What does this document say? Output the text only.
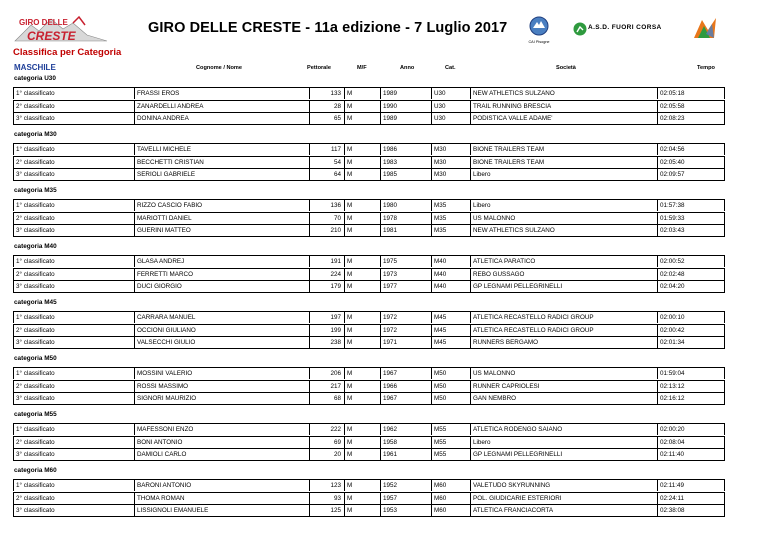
GIRO DELLE
CRESTE	GIRO DELLE CRESTE - 11a edizione - 7 Luglio 2017
CAI Pisogne
A.S.D. FUORI CORSA
Classifica per Categoria
MASCHILE	Cognome / Nome	Pettorale	M/F	Anno	Cat.	Società	Tempo
categoria U30
1° classificato	FRASSI EROS	133 M	1989	U30	NEW ATHLETICS SULZANO	02:05:18
2° classificato	ZANARDELLI ANDREA	28 M	1990	U30	TRAIL RUNNING BRESCIA	02:05:58
3° classificato	DONINA ANDREA	65 M	1989	U30	PODISTICA VALLE ADAME'	02:08:23
categoria M30
1° classificato	TAVELLI MICHELE	117 M	1986	M30	BIONE TRAILERS TEAM	02:04:56
2° classificato	BECCHETTI CRISTIAN	54 M	1983	M30	BIONE TRAILERS TEAM	02:05:40
3° classificato	SERIOLI GABRIELE	64 M	1985	M30	Libero	02:09:57
categoria M35
1° classificato	RIZZO CASCIO FABIO	136 M	1980	M35	Libero	01:57:38
2° classificato	MARIOTTI DANIEL	70 M	1978	M35	US MALONNO	01:59:33
3° classificato	GUERINI MATTEO	210 M	1981	M35	NEW ATHLETICS SULZANO	02:03:43
categoria M40
1° classificato	GLASA ANDREJ	191 M	1975	M40	ATLETICA PARATICO	02:00:52
2° classificato	FERRETTI MARCO	224 M	1973	M40	REBO GUSSAGO	02:02:48
3° classificato	DUCI GIORGIO	179 M	1977	M40	GP LEGNAMI PELLEGRINELLI	02:04:20
categoria M45
1° classificato	CARRARA MANUEL	197 M	1972	M45	ATLETICA RECASTELLO RADICI GROUP	02:00:10
2° classificato	OCCIONI GIULIANO	199 M	1972	M45	ATLETICA RECASTELLO RADICI GROUP	02:00:42
3° classificato	VALSECCHI GIULIO	238 M	1971	M45	RUNNERS BERGAMO	02:01:34
categoria M50
1° classificato	MOSSINI VALERIO	206 M	1967	M50	US MALONNO	01:59:04
2° classificato	ROSSI MASSIMO	217 M	1966	M50	RUNNER CAPRIOLESI	02:13:12
3° classificato	SIGNORI MAURIZIO	68 M	1967	M50	GAN NEMBRO	02:16:12
categoria M55
1° classificato	MAFESSONI ENZO	222 M	1962	M55	ATLETICA RODENGO SAIANO	02:00:20
2° classificato	BONI ANTONIO	69 M	1958	M55	Libero	02:08:04
3° classificato	DAMIOLI CARLO	20 M	1961	M55	GP LEGNAMI PELLEGRINELLI	02:11:40
categoria M60
1° classificato	BARONI ANTONIO	123 M	1952	M60	VALETUDO SKYRUNNING	02:11:49
2° classificato	THOMA ROMAN	93 M	1957	M60	POL. GIUDICARIE ESTERIORI	02:24:11
3° classificato	LISSIGNOLI EMANUELE	125 M	1953	M60	ATLETICA FRANCIACORTA	02:38:08
